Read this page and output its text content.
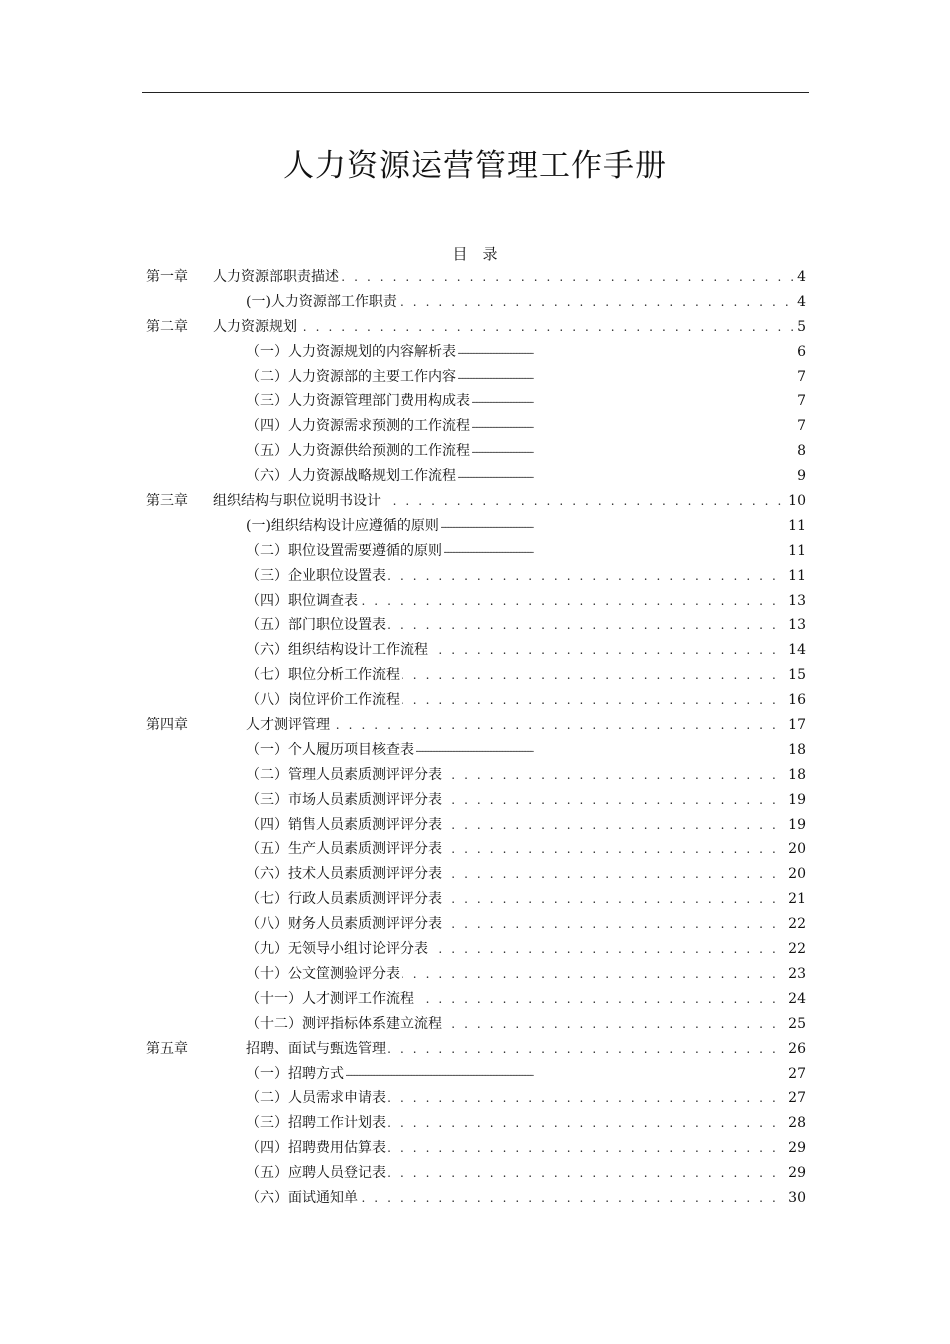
人力资源运营管理工作手册
目　录
第一章 . . . 人力资源部职责描述	4
. . .
(一)人力资源部工作职责	4
第二章 . . . 人力资源规划	5
-----
（一）人力资源规划的内容解析表	6
-----
（二）人力资源部的主要工作内容	7
-----
（三）人力资源管理部门费用构成表	7
-----
（四）人力资源需求预测的工作流程	7
-----
（五）人力资源供给预测的工作流程	8
-----
（六）人力资源战略规划工作流程	9
第三章 . . . 组织结构与职位说明书设计	10
-----
(一)组织结构设计应遵循的原则	11
-----
（二）职位设置需要遵循的原则	11
. . .
（三）企业职位设置表	11
. . .
（四）职位调查表	13
. . .
（五）部门职位设置表	13
. . .
（六）组织结构设计工作流程	14
. . .
（七）职位分析工作流程	15
. . .
（八）岗位评价工作流程	16
第四章 . . .	人才测评管理	17
-----
（一）个人履历项目核查表	18
. . .
（二）管理人员素质测评评分表	18
. . .
（三）市场人员素质测评评分表	19
. . .
（四）销售人员素质测评评分表	19
. . .
（五）生产人员素质测评评分表	20
. . .
（六）技术人员素质测评评分表	20
. . .
（七）行政人员素质测评评分表	21
. . .
（八）财务人员素质测评评分表	22
. . .
（九）无领导小组讨论评分表	22
. . .
（十）公文筐测验评分表	23
. . .
（十一）人才测评工作流程	24
. . .
（十二）测评指标体系建立流程	25
第五章 . . .	招聘、面试与甄选管理	26
-----
（一）招聘方式	27
. . .
（二）人员需求申请表	27
. . .
（三）招聘工作计划表	28
. . .
（四）招聘费用估算表	29
. . .
（五）应聘人员登记表	29
. . .
（六）面试通知单	30
